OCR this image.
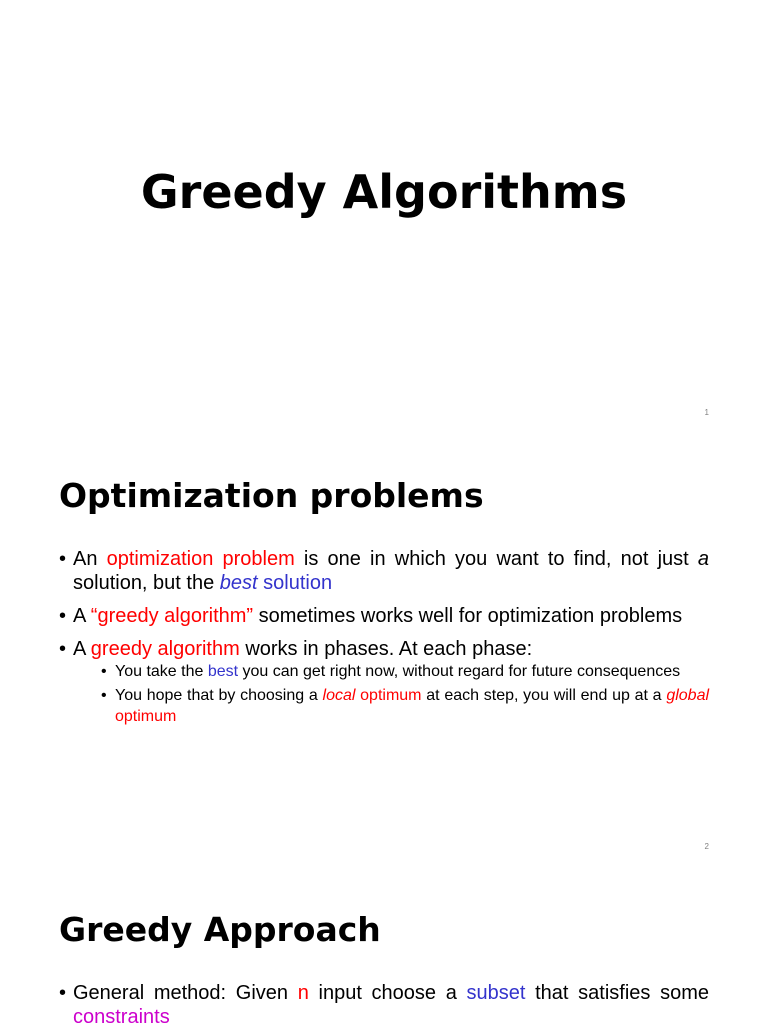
Greedy Algorithms
1
Optimization problems
• An optimization problem is one in which you want to find, not just a solution, but the best solution
• A “greedy algorithm” sometimes works well for optimization problems
• A greedy algorithm works in phases. At each phase:
• You take the best you can get right now, without regard for future consequences
• You hope that by choosing a local optimum at each step, you will end up at a global optimum
2
Greedy Approach
• General method: Given n input choose a subset that satisfies some constraints
